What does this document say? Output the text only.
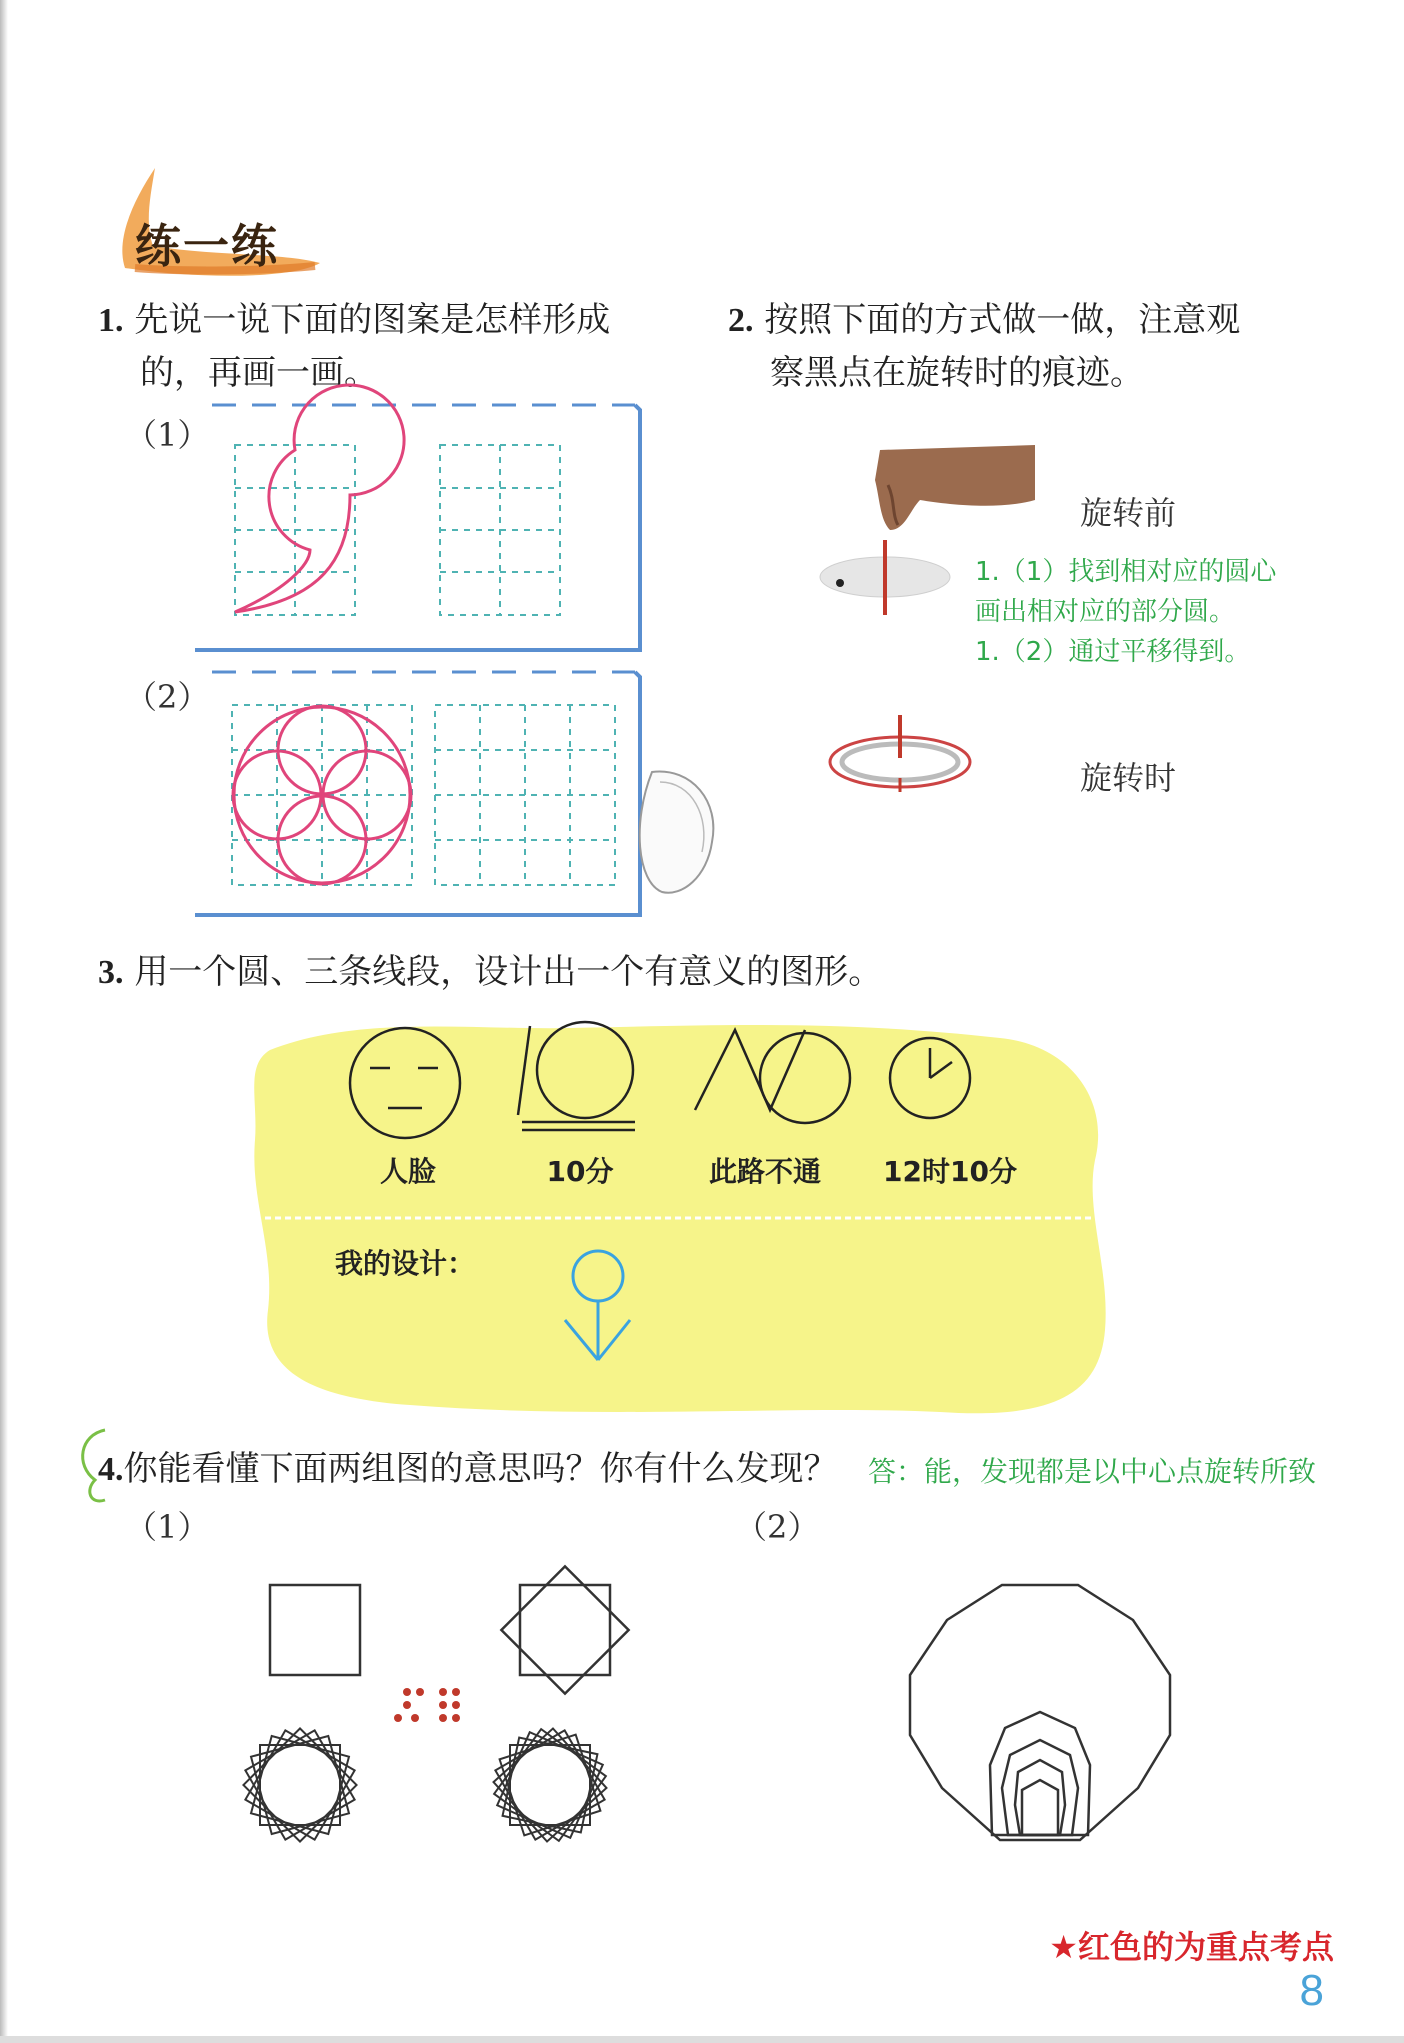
练一练
1. 先说一说下面的图案是怎样形成
的，再画一画。
（1）
（2）
2. 按照下面的方式做一做，注意观
察黑点在旋转时的痕迹。
旋转前
旋转时
1.（1）找到相对应的圆心
画出相对应的部分圆。
1.（2）通过平移得到。
3. 用一个圆、三条线段，设计出一个有意义的图形。
人脸	10分	此路不通	12时10分
我的设计：
4.你能看懂下面两组图的意思吗？你有什么发现？ 答：能，发现都是以中心点旋转所致
（1）	（2）
★红色的为重点考点
8
